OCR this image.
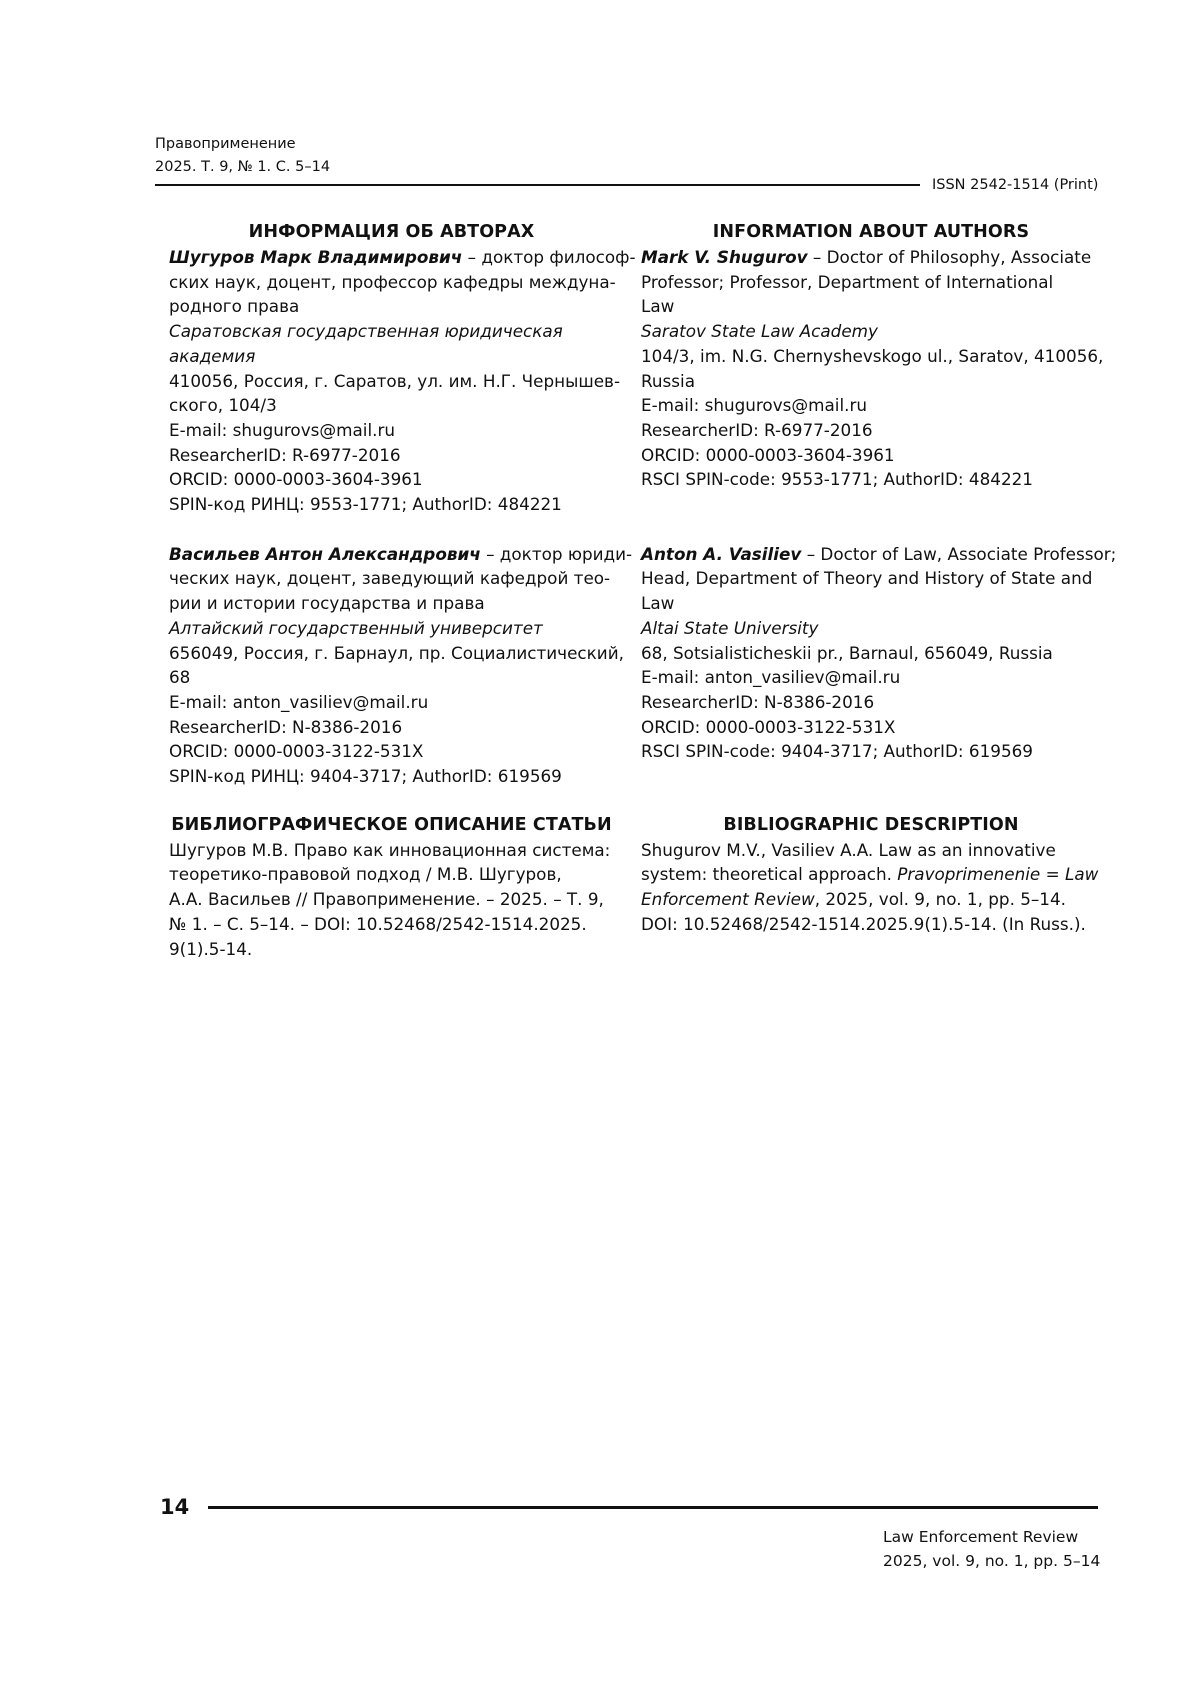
Правоприменение
2025. Т. 9, № 1. С. 5–14
ISSN 2542-1514 (Print)
ИНФОРМАЦИЯ ОБ АВТОРАХ
Шугуров Марк Владимирович – доктор философ-
ских наук, доцент, профессор кафедры междуна-
родного права
Саратовская государственная юридическая
академия
410056, Россия, г. Саратов, ул. им. Н.Г. Чернышев-
ского, 104/3
E-mail: shugurovs@mail.ru
ResearcherID: R-6977-2016
ORCID: 0000-0003-3604-3961
SPIN-код РИНЦ: 9553-1771; AuthorID: 484221
Васильев Антон Александрович – доктор юриди-
ческих наук, доцент, заведующий кафедрой тео-
рии и истории государства и права
Алтайский государственный университет
656049, Россия, г. Барнаул, пр. Социалистический,
68
E-mail: anton_vasiliev@mail.ru
ResearcherID: N-8386-2016
ORCID: 0000-0003-3122-531X
SPIN-код РИНЦ: 9404-3717; AuthorID: 619569
БИБЛИОГРАФИЧЕСКОЕ ОПИСАНИЕ СТАТЬИ
Шугуров М.В. Право как инновационная система:
теоретико-правовой подход / М.В. Шугуров,
А.А. Васильев // Правоприменение. – 2025. – Т. 9,
№ 1. – С. 5–14. – DOI: 10.52468/2542-1514.2025.
9(1).5-14.
INFORMATION ABOUT AUTHORS
Mark V. Shugurov – Doctor of Philosophy, Associate
Professor; Professor, Department of International
Law
Saratov State Law Academy
104/3, im. N.G. Chernyshevskogo ul., Saratov, 410056,
Russia
E-mail: shugurovs@mail.ru
ResearcherID: R-6977-2016
ORCID: 0000-0003-3604-3961
RSCI SPIN-code: 9553-1771; AuthorID: 484221
Anton A. Vasiliev – Doctor of Law, Associate Professor;
Head, Department of Theory and History of State and
Law
Altai State University
68, Sotsialisticheskii pr., Barnaul, 656049, Russia
E-mail: anton_vasiliev@mail.ru
ResearcherID: N-8386-2016
ORCID: 0000-0003-3122-531X
RSCI SPIN-code: 9404-3717; AuthorID: 619569
BIBLIOGRAPHIC DESCRIPTION
Shugurov M.V., Vasiliev A.A. Law as an innovative
system: theoretical approach. Pravoprimenenie = Law
Enforcement Review, 2025, vol. 9, no. 1, pp. 5–14.
DOI: 10.52468/2542-1514.2025.9(1).5-14. (In Russ.).
14
Law Enforcement Review
2025, vol. 9, no. 1, pp. 5–14
